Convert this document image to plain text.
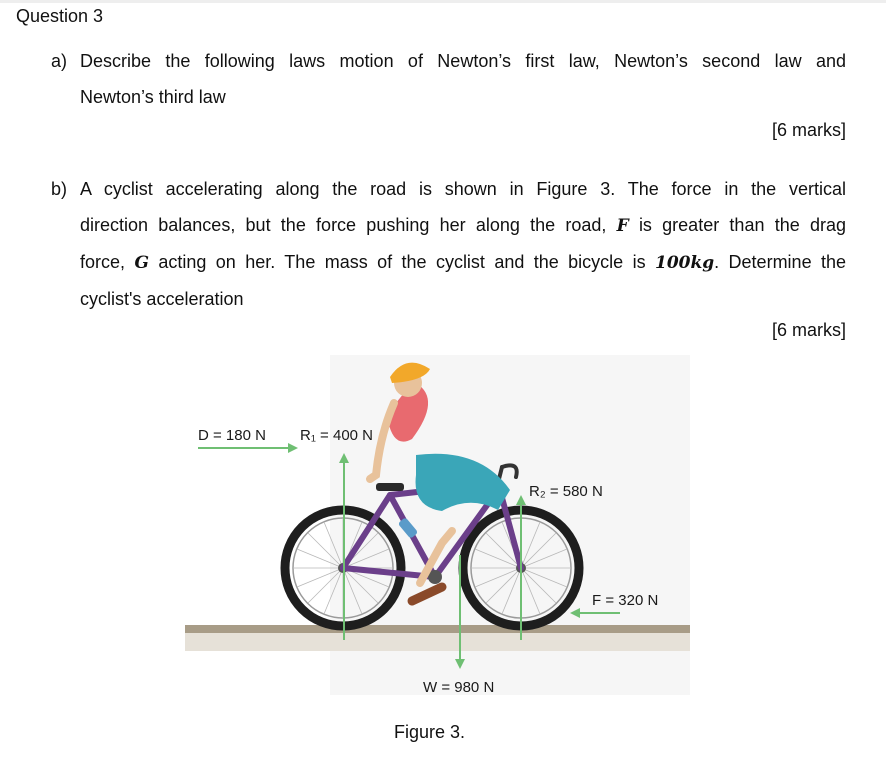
Question 3
a) Describe the following laws motion of Newton’s first law, Newton’s second law and
Newton’s third law
[6 marks]
b) A cyclist accelerating along the road is shown in Figure 3. The force in the vertical
direction balances, but the force pushing her along the road, F is greater than the drag
force, G acting on her. The mass of the cyclist and the bicycle is 100kg. Determine the
cyclist's acceleration
[6 marks]
D = 180 N R₁ = 400 N
R₂ = 580 N
F = 320 N
W = 980 N
Figure 3.
